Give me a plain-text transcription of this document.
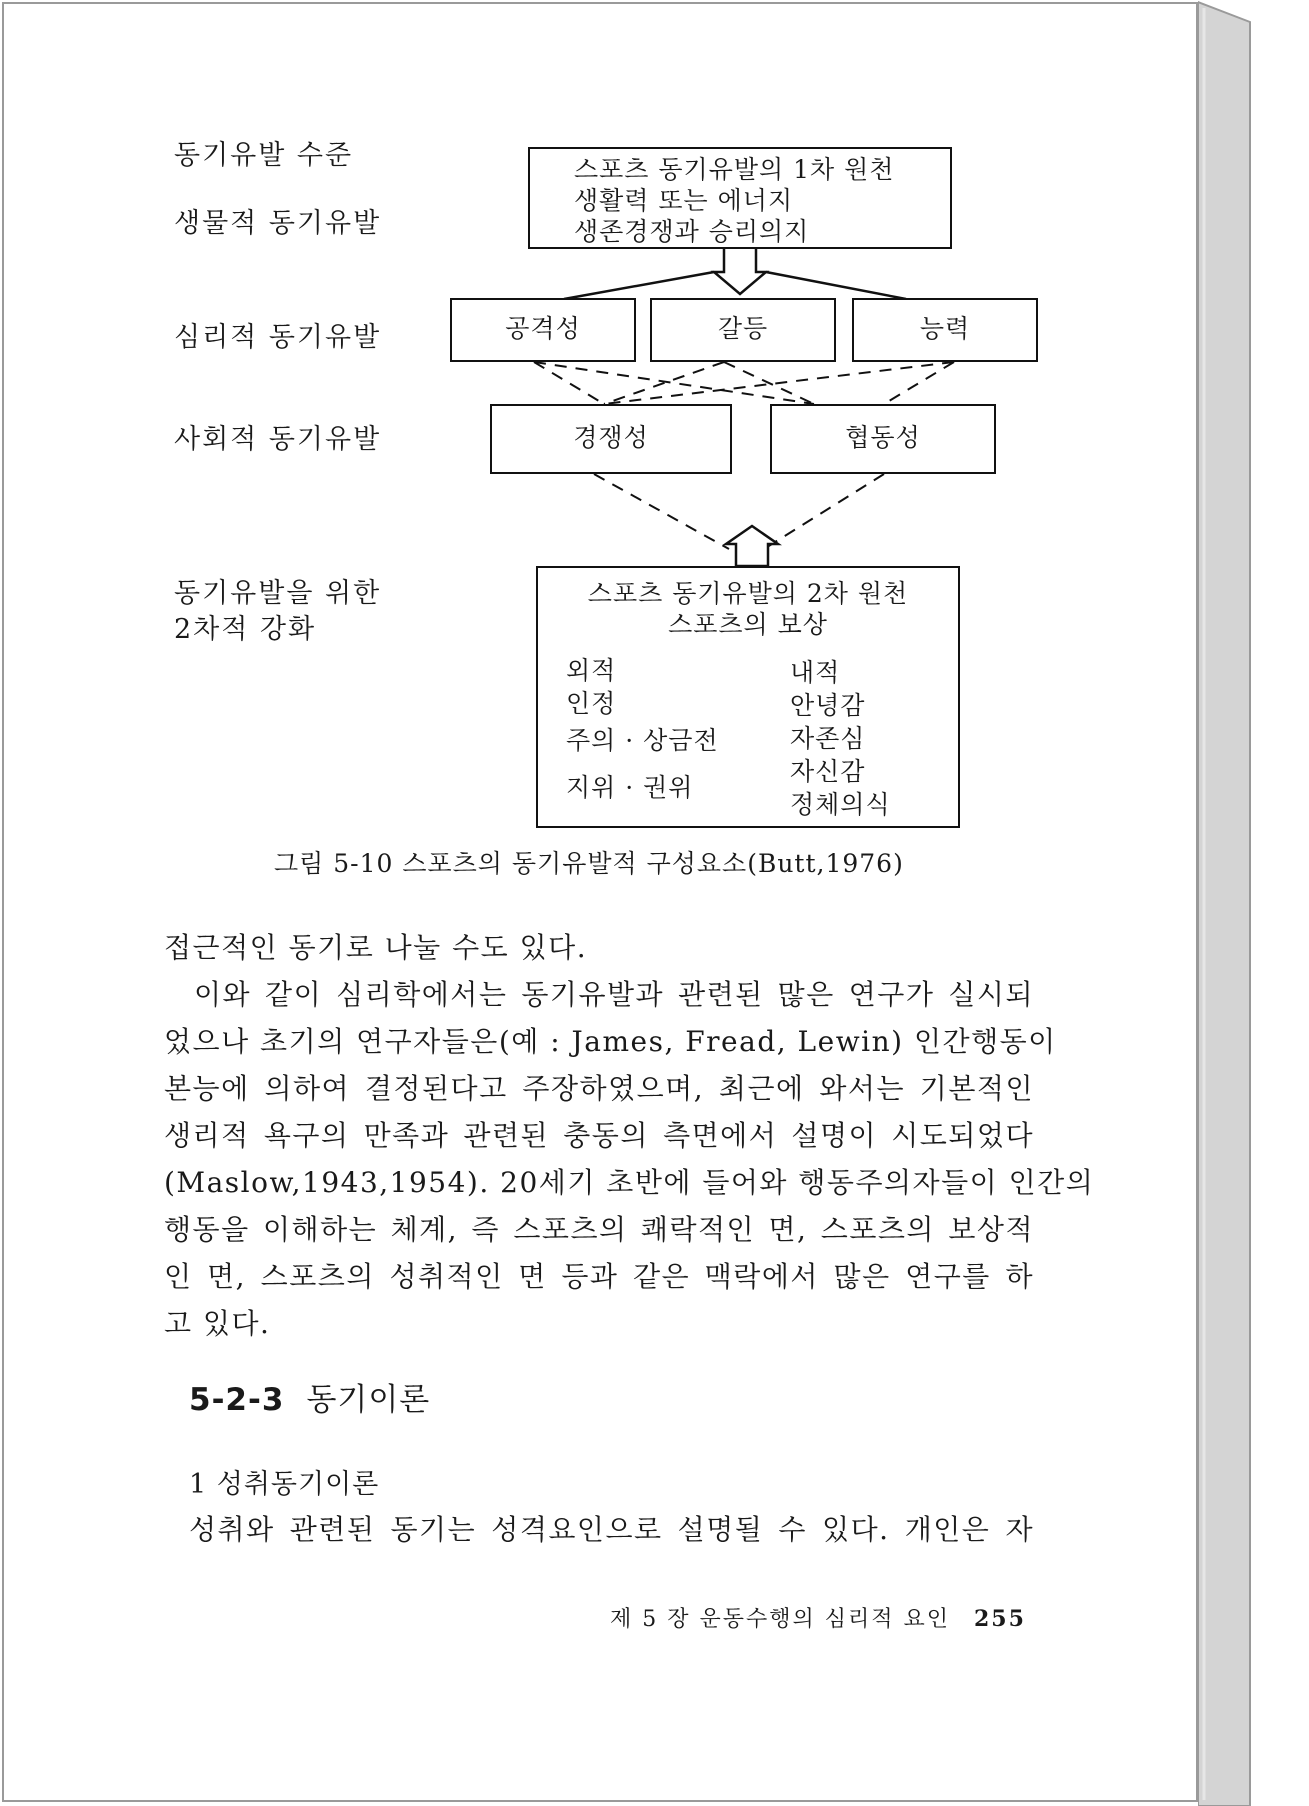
동기유발 수준
생물적 동기유발
심리적 동기유발
사회적 동기유발
동기유발을 위한
2차적 강화
스포츠 동기유발의 1차 원천
생활력 또는 에너지
생존경쟁과 승리의지
공격성	갈등	능력
경쟁성	협동성
스포츠 동기유발의 2차 원천
스포츠의 보상
외적
인정
주의 · 상금전
지위 · 권위
내적
안녕감
자존심
자신감
정체의식
그림 5-10 스포츠의 동기유발적 구성요소(Butt,1976)
접근적인 동기로 나눌 수도 있다.
이와 같이 심리학에서는 동기유발과 관련된 많은 연구가 실시되
었으나 초기의 연구자들은(예 : James, Fread, Lewin) 인간행동이
본능에 의하여 결정된다고 주장하였으며, 최근에 와서는 기본적인
생리적 욕구의 만족과 관련된 충동의 측면에서 설명이 시도되었다
(Maslow,1943,1954). 20세기 초반에 들어와 행동주의자들이 인간의
행동을 이해하는 체계, 즉 스포츠의 쾌락적인 면, 스포츠의 보상적
인 면, 스포츠의 성취적인 면 등과 같은 맥락에서 많은 연구를 하
고 있다.
5-2-3 동기이론
1 성취동기이론
성취와 관련된 동기는 성격요인으로 설명될 수 있다. 개인은 자
제 5 장 운동수행의 심리적 요인 255
